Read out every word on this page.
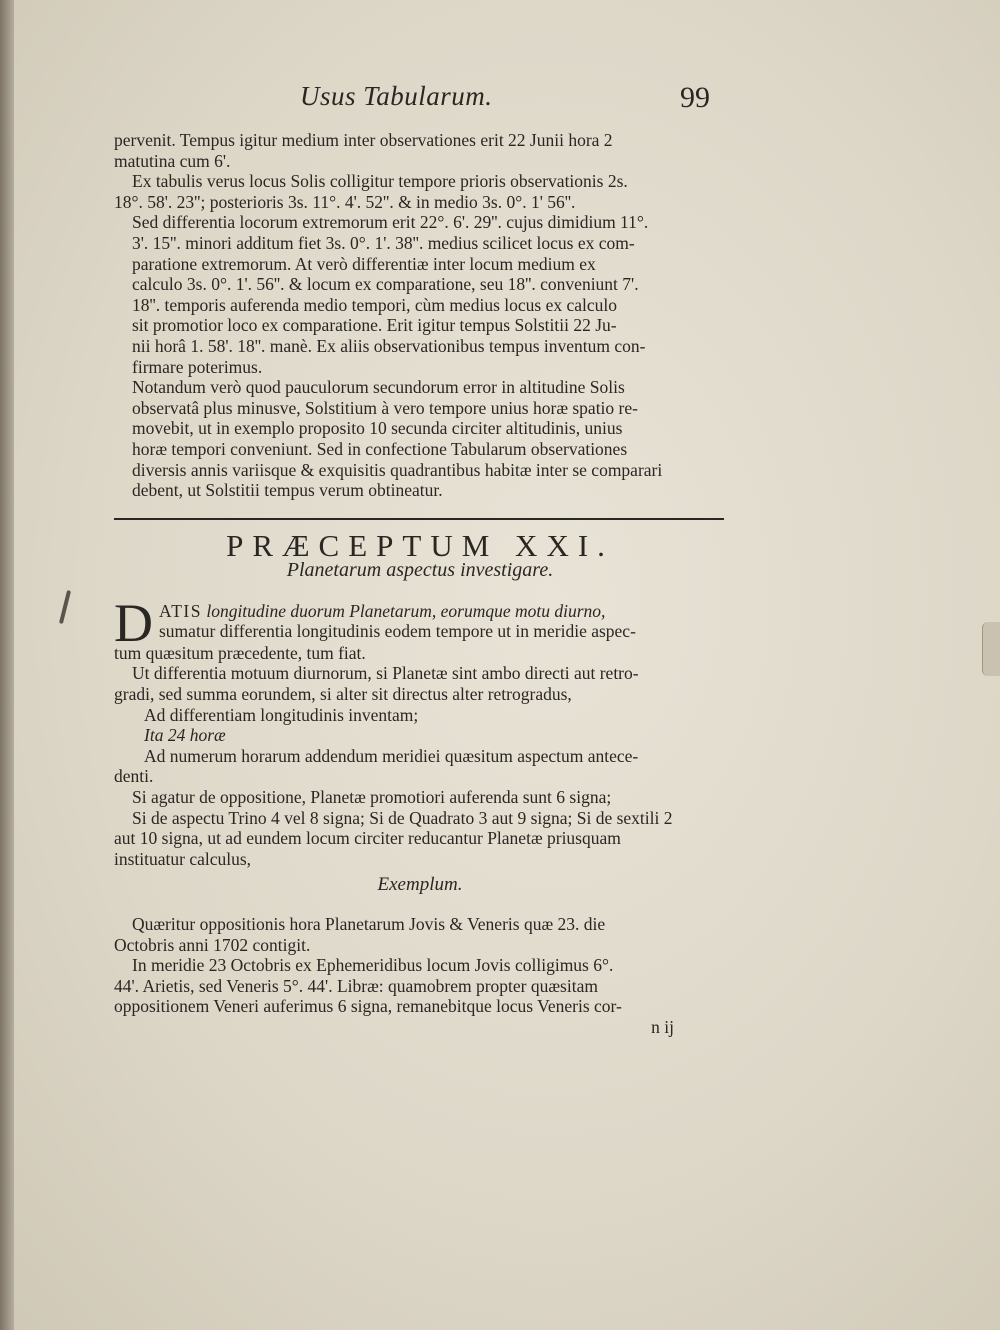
Usus Tabularum.	99

pervenit. Tempus igitur medium inter observationes erit 22 Junii hora 2
matutina cum 6'.

Ex tabulis verus locus Solis colligitur tempore prioris observationis 2s.
18°. 58'. 23''; posterioris 3s. 11°. 4'. 52''. & in medio 3s. 0°. 1' 56''.

Sed differentia locorum extremorum erit 22°. 6'. 29''. cujus dimidium 11°.
3'. 15''. minori additum fiet 3s. 0°. 1'. 38''. medius scilicet locus ex com-
paratione extremorum. At verò differentiæ inter locum medium ex
calculo 3s. 0°. 1'. 56''. & locum ex comparatione, seu 18''. conveniunt 7'.
18''. temporis auferenda medio tempori, cùm medius locus ex calculo
sit promotior loco ex comparatione. Erit igitur tempus Solstitii 22 Ju-
nii horâ 1. 58'. 18''. manè. Ex aliis observationibus tempus inventum con-
firmare poterimus.

Notandum verò quod pauculorum secundorum error in altitudine Solis
observatâ plus minusve, Solstitium à vero tempore unius horæ spatio re-
movebit, ut in exemplo proposito 10 secunda circiter altitudinis, unius
horæ tempori conveniunt. Sed in confectione Tabularum observationes
diversis annis variisque & exquisitis quadrantibus habitæ inter se comparari
debent, ut Solstitii tempus verum obtineatur.

PRÆCEPTUM XXI.
Planetarum aspectus investigare.

D ATIS longitudine duorum Planetarum, eorumque motu diurno,
sumatur differentia longitudinis eodem tempore ut in meridie aspec-
tum quæsitum præcedente, tum fiat.

Ut differentia motuum diurnorum, si Planetæ sint ambo directi aut retro-
gradi, sed summa eorundem, si alter sit directus alter retrogradus,

Ad differentiam longitudinis inventam;
Ita 24 horæ
Ad numerum horarum addendum meridiei quæsitum aspectum antece-
denti.

Si agatur de oppositione, Planetæ promotiori auferenda sunt 6 signa;
Si de aspectu Trino 4 vel 8 signa; Si de Quadrato 3 aut 9 signa; Si de sextili 2
aut 10 signa, ut ad eundem locum circiter reducantur Planetæ priusquam
instituatur calculus,

Exemplum.

Quæritur oppositionis hora Planetarum Jovis & Veneris quæ 23. die
Octobris anni 1702 contigit.

In meridie 23 Octobris ex Ephemeridibus locum Jovis colligimus 6°.
44'. Arietis, sed Veneris 5°. 44'. Libræ: quamobrem propter quæsitam
oppositionem Veneri auferimus 6 signa, remanebitque locus Veneris cor-

n ij
